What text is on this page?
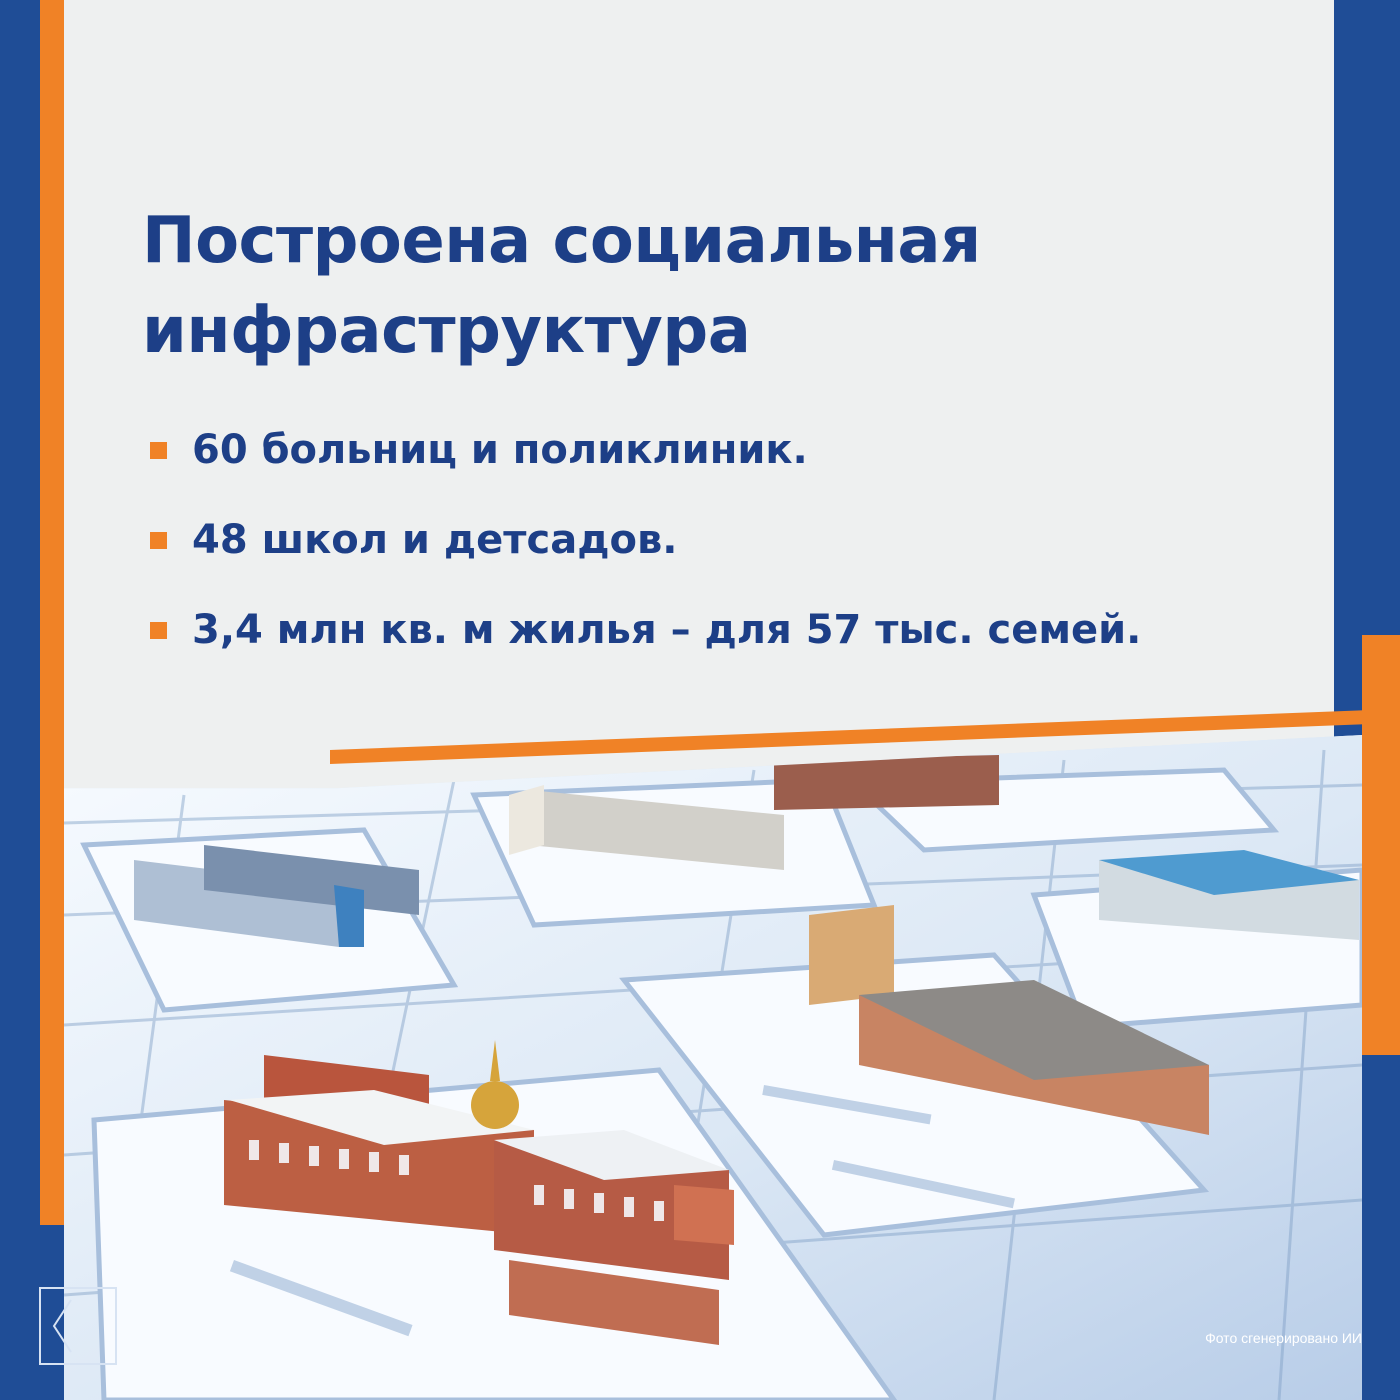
Построена социальная
инфраструктура
60 больниц и поликлиник.
48 школ и детсадов.
3,4 млн кв. м жилья – для 57 тыс. семей.
Фото сгенерировано ИИ
